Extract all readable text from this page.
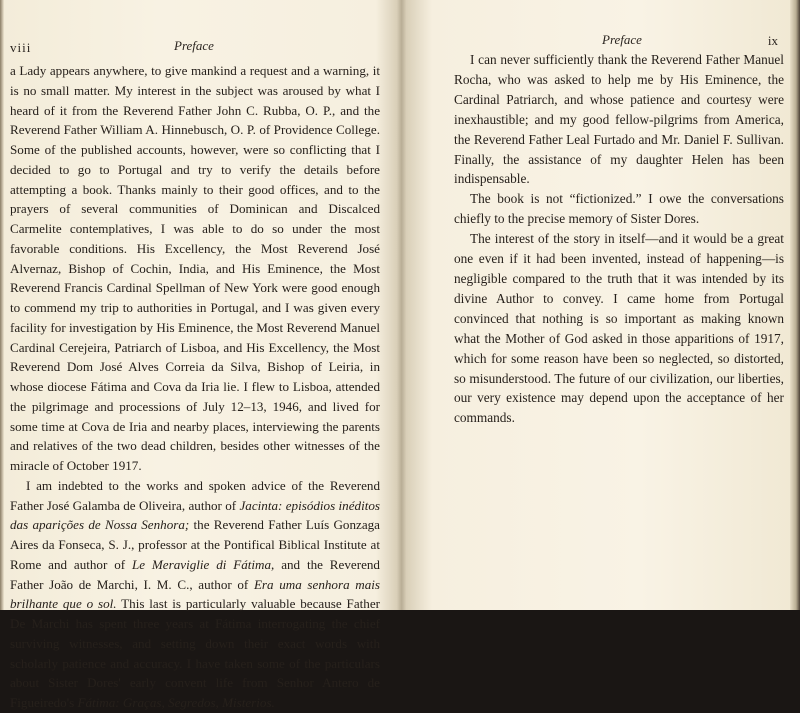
viii	Preface

a Lady appears anywhere, to give mankind a request and a warning, it is no small matter. My interest in the subject was aroused by what I heard of it from the Reverend Father John C. Rubba, O. P., and the Reverend Father William A. Hinnebusch, O. P. of Providence College. Some of the published accounts, however, were so conflicting that I decided to go to Portugal and try to verify the details before attempting a book. Thanks mainly to their good offices, and to the prayers of several communities of Dominican and Discalced Carmelite contemplatives, I was able to do so under the most favorable conditions. His Excellency, the Most Reverend José Alvernaz, Bishop of Cochin, India, and His Eminence, the Most Reverend Francis Cardinal Spellman of New York were good enough to commend my trip to authorities in Portugal, and I was given every facility for investigation by His Eminence, the Most Reverend Manuel Cardinal Cerejeira, Patriarch of Lisboa, and His Excellency, the Most Reverend Dom José Alves Correia da Silva, Bishop of Leiria, in whose diocese Fátima and Cova da Iria lie. I flew to Lisboa, attended the pilgrimage and processions of July 12–13, 1946, and lived for some time at Cova de Iria and nearby places, interviewing the parents and relatives of the two dead children, besides other witnesses of the miracle of October 1917.

I am indebted to the works and spoken advice of the Reverend Father José Galamba de Oliveira, author of Jacinta: episódios inéditos das aparições de Nossa Senhora; the Reverend Father Luís Gonzaga Aires da Fonseca, S. J., professor at the Pontifical Biblical Institute at Rome and author of Le Meraviglie di Fátima, and the Reverend Father João de Marchi, I. M. C., author of Era uma senhora mais brilhante que o sol. This last is particularly valuable because Father De Marchi has spent three years at Fátima interrogating the chief surviving witnesses, and setting down their exact words with scholarly patience and accuracy. I have taken some of the particulars about Sister Dores' early convent life from Senhor Antero de Figueiredo's Fátima: Graças, Segredos, Misterios.

Preface	ix

I can never sufficiently thank the Reverend Father Manuel Rocha, who was asked to help me by His Eminence, the Cardinal Patriarch, and whose patience and courtesy were inexhaustible; and my good fellow-pilgrims from America, the Reverend Father Leal Furtado and Mr. Daniel F. Sullivan. Finally, the assistance of my daughter Helen has been indispensable.

The book is not “fictionized.” I owe the conversations chiefly to the precise memory of Sister Dores.

The interest of the story in itself—and it would be a great one even if it had been invented, instead of happening—is negligible compared to the truth that it was intended by its divine Author to convey. I came home from Portugal convinced that nothing is so important as making known what the Mother of God asked in those apparitions of 1917, which for some reason have been so neglected, so distorted, so misunderstood. The future of our civilization, our liberties, our very existence may depend upon the acceptance of her commands.
